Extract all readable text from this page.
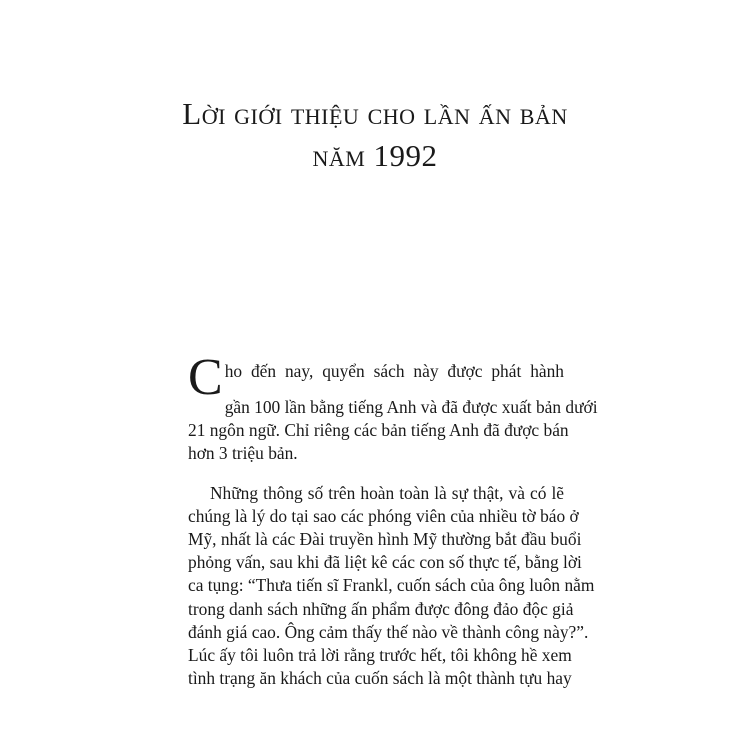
Lời giới thiệu cho lần ấn bản
năm 1992
C ho đến nay, quyển sách này được phát hành
gần 100 lần bằng tiếng Anh và đã được xuất bản dưới
21 ngôn ngữ. Chỉ riêng các bản tiếng Anh đã được bán
hơn 3 triệu bản.
Những thông số trên hoàn toàn là sự thật, và có lẽ
chúng là lý do tại sao các phóng viên của nhiều tờ báo ở
Mỹ, nhất là các Đài truyền hình Mỹ thường bắt đầu buổi
phỏng vấn, sau khi đã liệt kê các con số thực tế, bằng lời
ca tụng: “Thưa tiến sĩ Frankl, cuốn sách của ông luôn nằm
trong danh sách những ấn phẩm được đông đảo độc giả
đánh giá cao. Ông cảm thấy thế nào về thành công này?”.
Lúc ấy tôi luôn trả lời rằng trước hết, tôi không hề xem
tình trạng ăn khách của cuốn sách là một thành tựu hay
